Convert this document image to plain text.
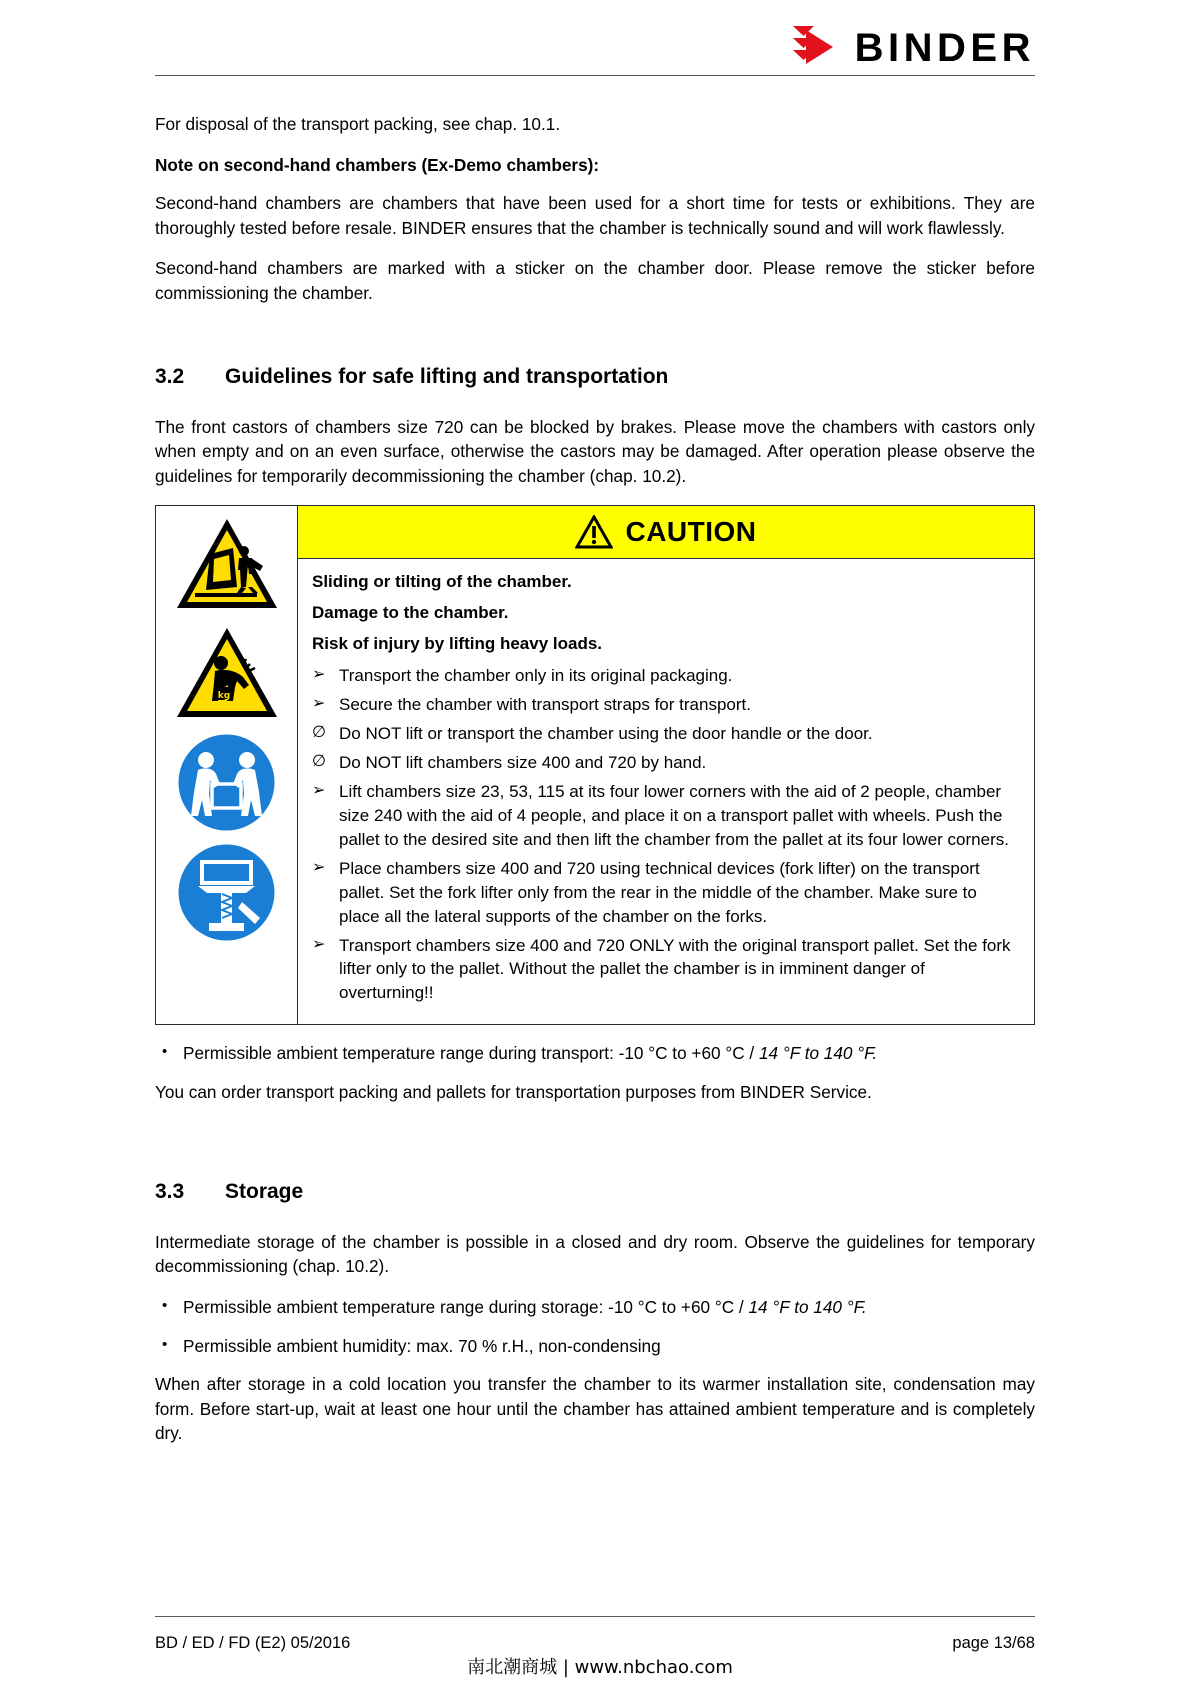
BINDER

For disposal of the transport packing, see chap. 10.1.

Note on second-hand chambers (Ex-Demo chambers):

Second-hand chambers are chambers that have been used for a short time for tests or exhibitions. They are thoroughly tested before resale. BINDER ensures that the chamber is technically sound and will work flawlessly.

Second-hand chambers are marked with a sticker on the chamber door. Please remove the sticker before commissioning the chamber.

3.2	Guidelines for safe lifting and transportation

The front castors of chambers size 720 can be blocked by brakes. Please move the chambers with castors only when empty and on an even surface, otherwise the castors may be damaged. After operation please observe the guidelines for temporarily decommissioning the chamber (chap. 10.2).

kg
CAUTION

Sliding or tilting of the chamber.

Damage to the chamber.

Risk of injury by lifting heavy loads.

➢ Transport the chamber only in its original packaging.
➢ Secure the chamber with transport straps for transport.
∅ Do NOT lift or transport the chamber using the door handle or the door.
∅ Do NOT lift chambers size 400 and 720 by hand.
➢ Lift chambers size 23, 53, 115 at its four lower corners with the aid of 2 people, chamber size 240 with the aid of 4 people, and place it on a transport pallet with wheels. Push the pallet to the desired site and then lift the chamber from the pallet at its four lower corners.
➢ Place chambers size 400 and 720 using technical devices (fork lifter) on the transport pallet. Set the fork lifter only from the rear in the middle of the chamber. Make sure to place all the lateral supports of the chamber on the forks.
➢ Transport chambers size 400 and 720 ONLY with the original transport pallet. Set the fork lifter only to the pallet. Without the pallet the chamber is in imminent danger of overturning!!
• Permissible ambient temperature range during transport: -10 °C to +60 °C / 14 °F to 140 °F.

You can order transport packing and pallets for transportation purposes from BINDER Service.

3.3	Storage

Intermediate storage of the chamber is possible in a closed and dry room. Observe the guidelines for temporary decommissioning (chap. 10.2).

• Permissible ambient temperature range during storage: -10 °C to +60 °C / 14 °F to 140 °F.
• Permissible ambient humidity: max. 70 % r.H., non-condensing

When after storage in a cold location you transfer the chamber to its warmer installation site, condensation may form. Before start-up, wait at least one hour until the chamber has attained ambient temperature and is completely dry.

BD / ED / FD (E2) 05/2016	page 13/68
南北潮商城 | www.nbchao.com
